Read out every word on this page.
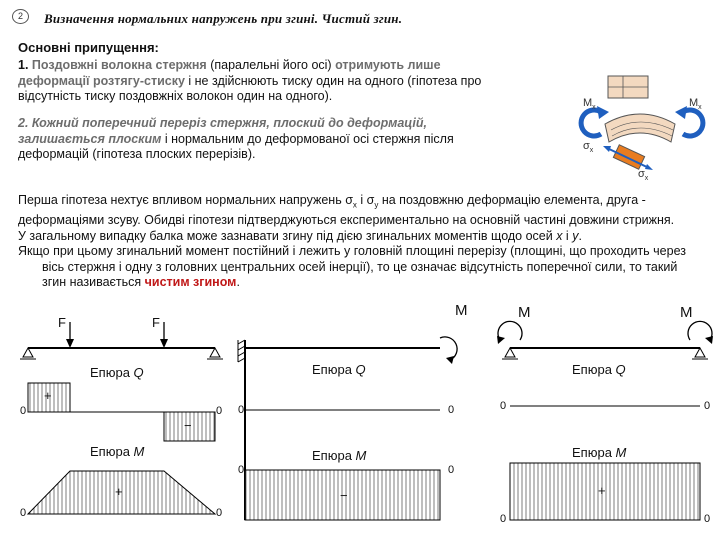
2	Визначення нормальних напружень при згині. Чистий згин.
Основні припущення:
1. Поздовжні волокна стержня (паралельні його осі) отримують лише деформації розтягу-стиску і не здійснюють тиску один на одного (гіпотеза про відсутність тиску поздовжніх волокон один на одного).
2. Кожний поперечний переріз стержня, плоский до деформацій, залишається плоским і нормальним до деформованої осі стержня після деформацій (гіпотеза плоских перерізів).
$M_x$	$M_x$
$\sigma_x$
$\sigma_x$
Перша гіпотеза нехтує впливом нормальних напружень $\sigma_x$ і $\sigma_y$ на поздовжню деформацію елемента, друга - деформаціями зсуву. Обидві гіпотези підтверджуються експериментально на основній частині довжини стрижня.
У загальному випадку балка може зазнавати згину під дією згинальних моментів щодо осей x і y.
Якщо при цьому згинальний момент постійний і лежить у головній площині перерізу (площині, що проходить через вісь стержня і одну з головних центральних осей інерції), то це означає відсутність поперечної сили, то такий згин називається чистим згином.
F	F
M	M	M
Епюра Q
Епюра M
Епюра Q
Епюра M
Епюра Q
Епюра M
0	0
0	0
0	0
0	0
0	0
0	0
+
−
+	−	+
